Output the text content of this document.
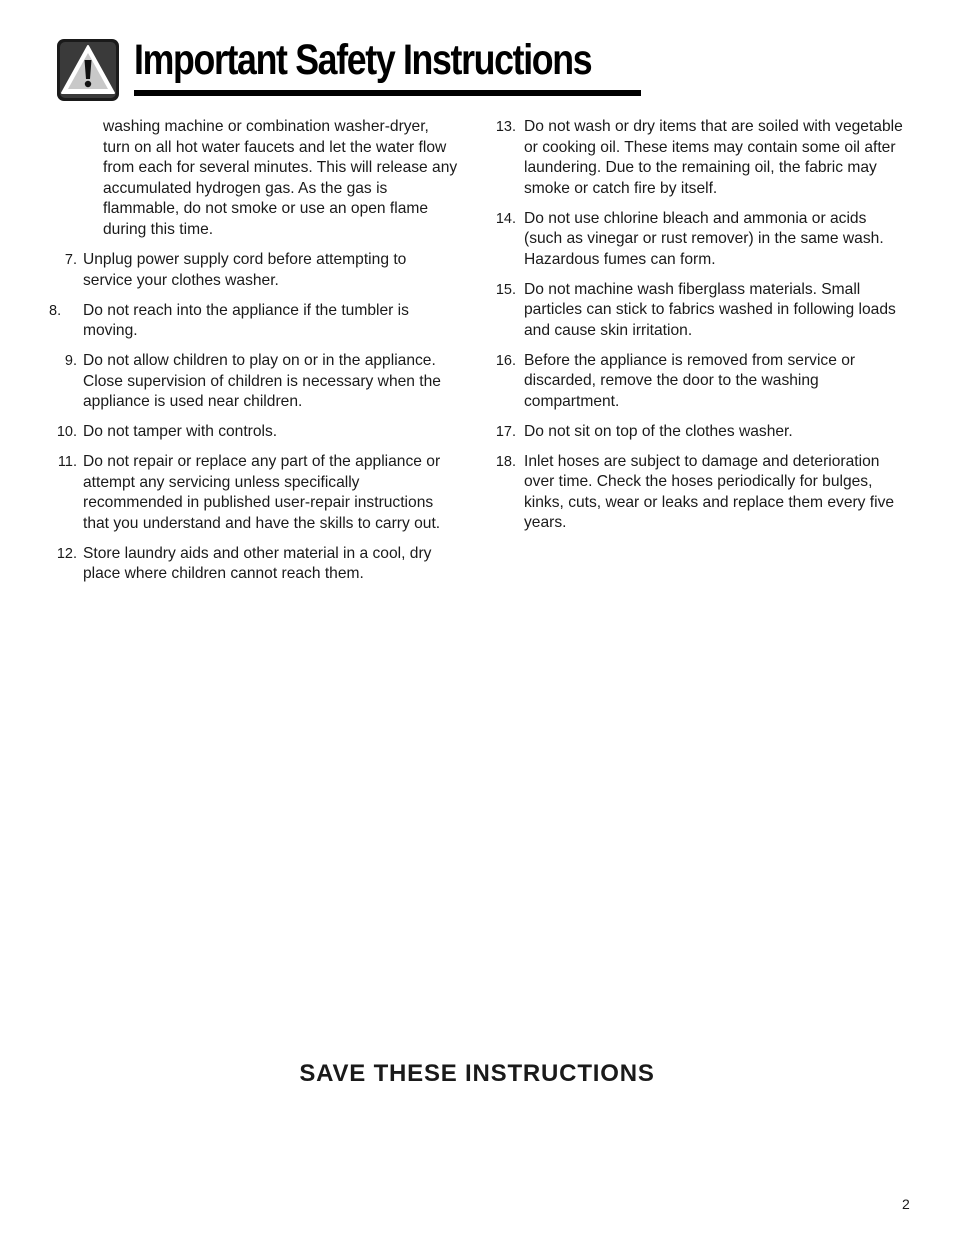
Important Safety Instructions

washing machine or combination washer-dryer, turn on all hot water faucets and let the water flow from each for several minutes. This will release any accumulated hydrogen gas. As the gas is flammable, do not smoke or use an open flame during this time.

7. Unplug power supply cord before attempting to service your clothes washer.
8.	Do not reach into the appliance if the tumbler is moving.
9. Do not allow children to play on or in the appliance. Close supervision of children is necessary when the appliance is used near children.
10. Do not tamper with controls.
11. Do not repair or replace any part of the appliance or attempt any servicing unless specifically recommended in published user-repair instructions that you understand and have the skills to carry out.
12. Store laundry aids and other material in a cool, dry place where children cannot reach them.
13. Do not wash or dry items that are soiled with vegetable or cooking oil. These items may contain some oil after laundering. Due to the remaining oil, the fabric may smoke or catch fire by itself.
14. Do not use chlorine bleach and ammonia or acids (such as vinegar or rust remover) in the same wash. Hazardous fumes can form.
15. Do not machine wash fiberglass materials. Small particles can stick to fabrics washed in following loads and cause skin irritation.
16. Before the appliance is removed from service or discarded, remove the door to the washing compartment.
17. Do not sit on top of the clothes washer.
18. Inlet hoses are subject to damage and deterioration over time. Check the hoses periodically for bulges, kinks, cuts, wear or leaks and replace them every five years.
SAVE THESE INSTRUCTIONS
2
